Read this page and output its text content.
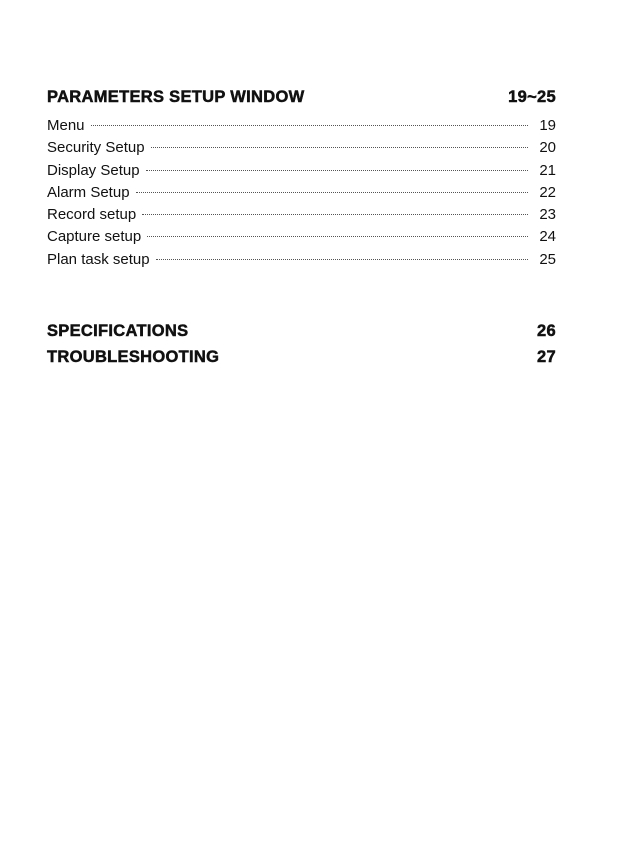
PARAMETERS SETUP WINDOW	19~25
Menu	19
Security Setup	20
Display Setup	21
Alarm Setup	22
Record setup	23
Capture setup	24
Plan task setup	25
SPECIFICATIONS	26
TROUBLESHOOTING	27
